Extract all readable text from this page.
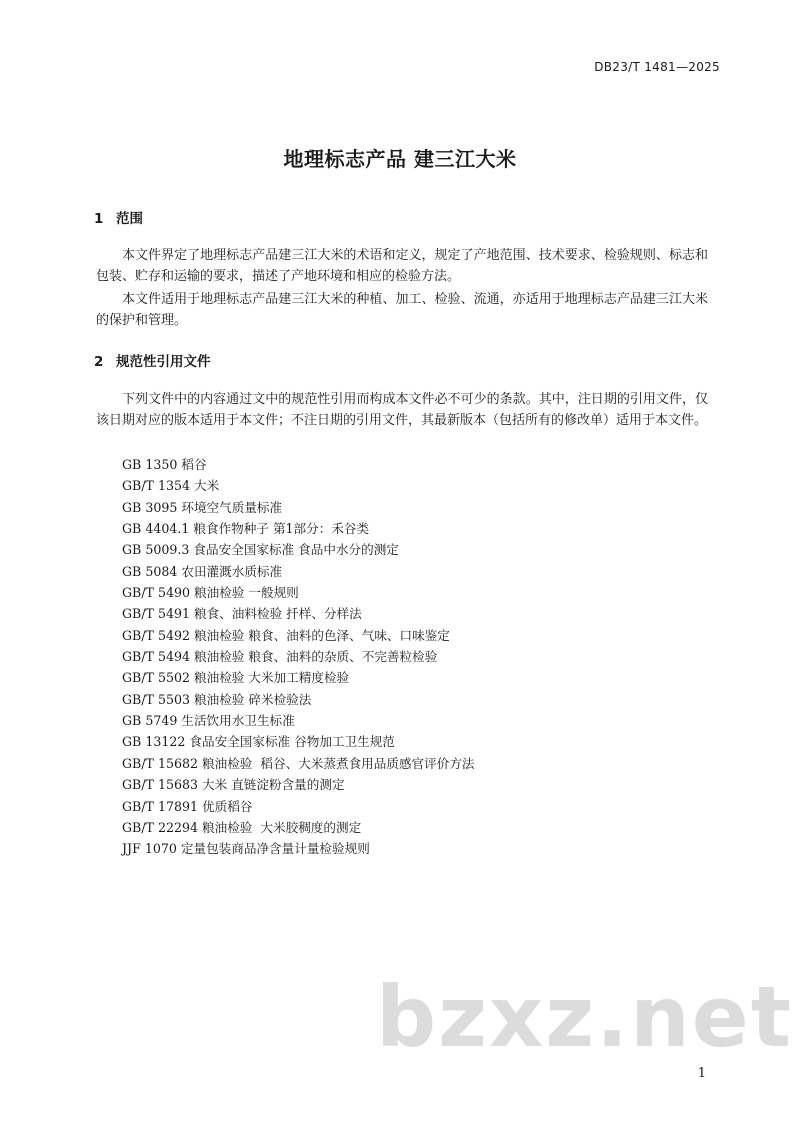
DB23/T 1481—2025
地理标志产品 建三江大米
1 范围

本文件界定了地理标志产品建三江大米的术语和定义，规定了产地范围、技术要求、检验规则、标志和包装、贮存和运输的要求，描述了产地环境和相应的检验方法。

本文件适用于地理标志产品建三江大米的种植、加工、检验、流通，亦适用于地理标志产品建三江大米的保护和管理。

2 规范性引用文件

下列文件中的内容通过文中的规范性引用而构成本文件必不可少的条款。其中，注日期的引用文件，仅该日期对应的版本适用于本文件；不注日期的引用文件，其最新版本（包括所有的修改单）适用于本文件。

GB 1350 稻谷
GB/T 1354 大米
GB 3095 环境空气质量标准
GB 4404.1 粮食作物种子 第1部分：禾谷类
GB 5009.3 食品安全国家标准 食品中水分的测定
GB 5084 农田灌溉水质标准
GB/T 5490 粮油检验 一般规则
GB/T 5491 粮食、油料检验 扦样、分样法
GB/T 5492 粮油检验 粮食、油料的色泽、气味、口味鉴定
GB/T 5494 粮油检验 粮食、油料的杂质、不完善粒检验
GB/T 5502 粮油检验 大米加工精度检验
GB/T 5503 粮油检验 碎米检验法
GB 5749 生活饮用水卫生标准
GB 13122 食品安全国家标准 谷物加工卫生规范
GB/T 15682 粮油检验  稻谷、大米蒸煮食用品质感官评价方法
GB/T 15683 大米 直链淀粉含量的测定
GB/T 17891 优质稻谷
GB/T 22294 粮油检验  大米胶稠度的测定
JJF 1070 定量包装商品净含量计量检验规则
bzxz.net
1
